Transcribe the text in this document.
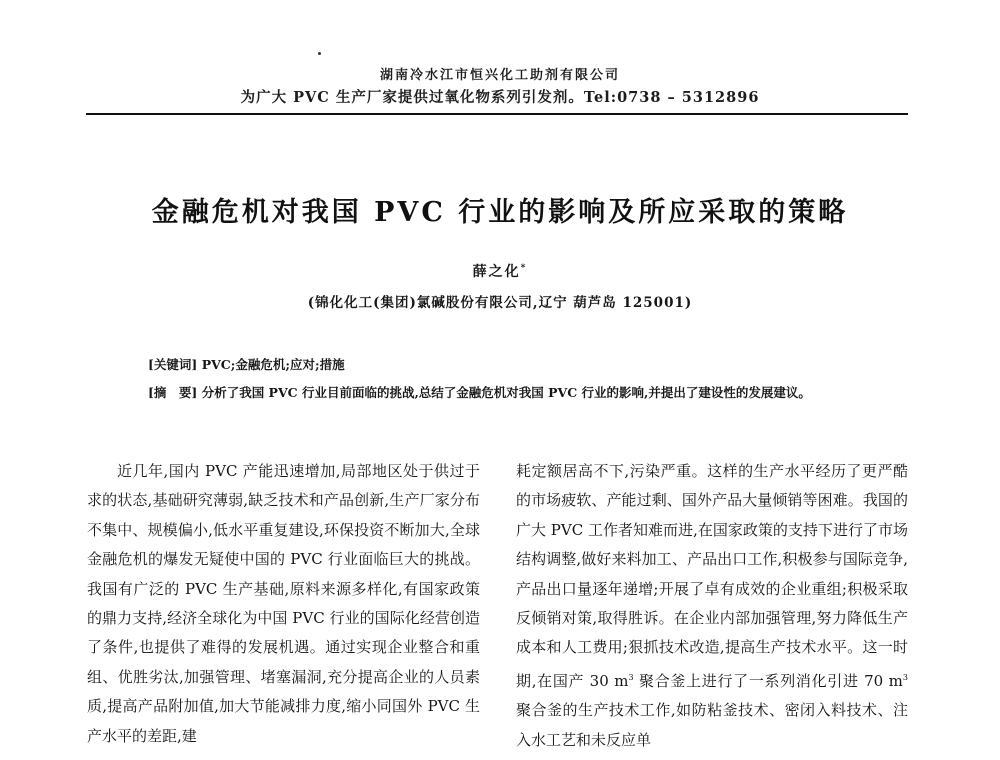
湖南冷水江市恒兴化工助剂有限公司
为广大 PVC 生产厂家提供过氧化物系列引发剂。Tel:0738 – 5312896
金融危机对我国 PVC 行业的影响及所应采取的策略
薛之化*
(锦化化工(集团)氯碱股份有限公司,辽宁 葫芦岛 125001)
[关键词] PVC;金融危机;应对;措施
[摘　要] 分析了我国 PVC 行业目前面临的挑战,总结了金融危机对我国 PVC 行业的影响,并提出了建设性的发展建议。

近几年,国内 PVC 产能迅速增加,局部地区处于供过于求的状态,基础研究薄弱,缺乏技术和产品创新,生产厂家分布不集中、规模偏小,低水平重复建设,环保投资不断加大,全球金融危机的爆发无疑使中国的 PVC 行业面临巨大的挑战。我国有广泛的 PVC 生产基础,原料来源多样化,有国家政策的鼎力支持,经济全球化为中国 PVC 行业的国际化经营创造了条件,也提供了难得的发展机遇。通过实现企业整合和重组、优胜劣汰,加强管理、堵塞漏洞,充分提高企业的人员素质,提高产品附加值,加大节能减排力度,缩小同国外 PVC 生产水平的差距,建

耗定额居高不下,污染严重。这样的生产水平经历了更严酷的市场疲软、产能过剩、国外产品大量倾销等困难。我国的广大 PVC 工作者知难而进,在国家政策的支持下进行了市场结构调整,做好来料加工、产品出口工作,积极参与国际竞争,产品出口量逐年递增;开展了卓有成效的企业重组;积极采取反倾销对策,取得胜诉。在企业内部加强管理,努力降低生产成本和人工费用;狠抓技术改造,提高生产技术水平。这一时期,在国产 30 $m^3$ 聚合釜上进行了一系列消化引进 70 $m^3$ 聚合釜的生产技术工作,如防粘釜技术、密闭入料技术、注入水工艺和未反应单
